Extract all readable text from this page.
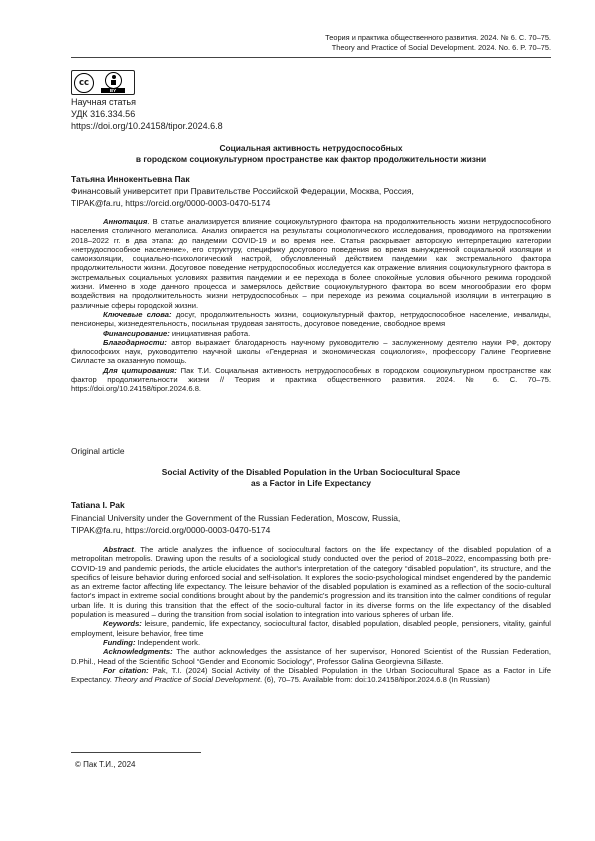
Теория и практика общественного развития. 2024. № 6. С. 70–75.
Theory and Practice of Social Development. 2024. No. 6. P. 70–75.
cc
BY
Научная статья
УДК 316.334.56
https://doi.org/10.24158/tipor.2024.6.8
Социальная активность нетрудоспособных
в городском социокультурном пространстве как фактор продолжительности жизни
Татьяна Иннокентьевна Пак
Финансовый университет при Правительстве Российской Федерации, Москва, Россия,
TIPAK@fa.ru, https://orcid.org/0000-0003-0470-5174

Аннотация. В статье анализируется влияние социокультурного фактора на продолжительность жизни нетрудоспособного населения столичного мегаполиса. Анализ опирается на результаты социологического исследования, проводимого на протяжении 2018–2022 гг. в два этапа: до пандемии COVID-19 и во время нее. Статья раскрывает авторскую интерпретацию категории «нетрудоспособное население», его структуру, специфику досугового поведения во время вынужденной социальной изоляции и самоизоляции, социально-психологический настрой, обусловленный действием пандемии как экстремального фактора продолжительности жизни. Досуговое поведение нетрудоспособных исследуется как отражение влияния социокультурного фактора в экстремальных социальных условиях развития пандемии и ее перехода в более спокойные условия обычного режима городской жизни. Именно в ходе данного процесса и замерялось действие социокультурного фактора во всем многообразии его форм воздействия на продолжительность жизни нетрудоспособных – при переходе из режима социальной изоляции в интеграцию в различные сферы городской жизни.

Ключевые слова: досуг, продолжительность жизни, социокультурный фактор, нетрудоспособное население, инвалиды, пенсионеры, жизнедеятельность, посильная трудовая занятость, досуговое поведение, свободное время

Финансирование: инициативная работа.

Благодарности: автор выражает благодарность научному руководителю – заслуженному деятелю науки РФ, доктору философских наук, руководителю научной школы «Гендерная и экономическая социология», профессору Галине Георгиевне Силласте за оказанную помощь.

Для цитирования: Пак Т.И. Социальная активность нетрудоспособных в городском социокультурном пространстве как фактор продолжительности жизни // Теория и практика общественного развития. 2024. № 6. С. 70–75. https://doi.org/10.24158/tipor.2024.6.8.

Original article
Social Activity of the Disabled Population in the Urban Sociocultural Space
as a Factor in Life Expectancy
Tatiana I. Pak
Financial University under the Government of the Russian Federation, Moscow, Russia,
TIPAK@fa.ru, https://orcid.org/0000-0003-0470-5174

Abstract. The article analyzes the influence of sociocultural factors on the life expectancy of the disabled population of a metropolitan metropolis. Drawing upon the results of a sociological study conducted over the period of 2018–2022, encompassing both pre-COVID-19 and pandemic periods, the article elucidates the author's interpretation of the category “disabled population”, its structure, and the specifics of leisure behavior during enforced social and self-isolation. It explores the socio-psychological mindset engendered by the pandemic as an extreme factor affecting life expectancy. The leisure behavior of the disabled population is examined as a reflection of the socio-cultural factor's impact in extreme social conditions brought about by the pandemic's progression and its transition into the calmer conditions of regular urban life. It is during this transition that the effect of the socio-cultural factor in its diverse forms on the life expectancy of the disabled population is measured – during the transition from social isolation to integration into various spheres of urban life.

Keywords: leisure, pandemic, life expectancy, sociocultural factor, disabled population, disabled people, pensioners, vitality, gainful employment, leisure behavior, free time

Funding: Independent work.

Acknowledgments: The author acknowledges the assistance of her supervisor, Honored Scientist of the Russian Federation, D.Phil., Head of the Scientific School “Gender and Economic Sociology”, Professor Galina Georgievna Sillaste.

For citation: Pak, T.I. (2024) Social Activity of the Disabled Population in the Urban Sociocultural Space as a Factor in Life Expectancy. Theory and Practice of Social Development. (6), 70–75. Available from: doi:10.24158/tipor.2024.6.8 (In Russian)

© Пак Т.И., 2024
